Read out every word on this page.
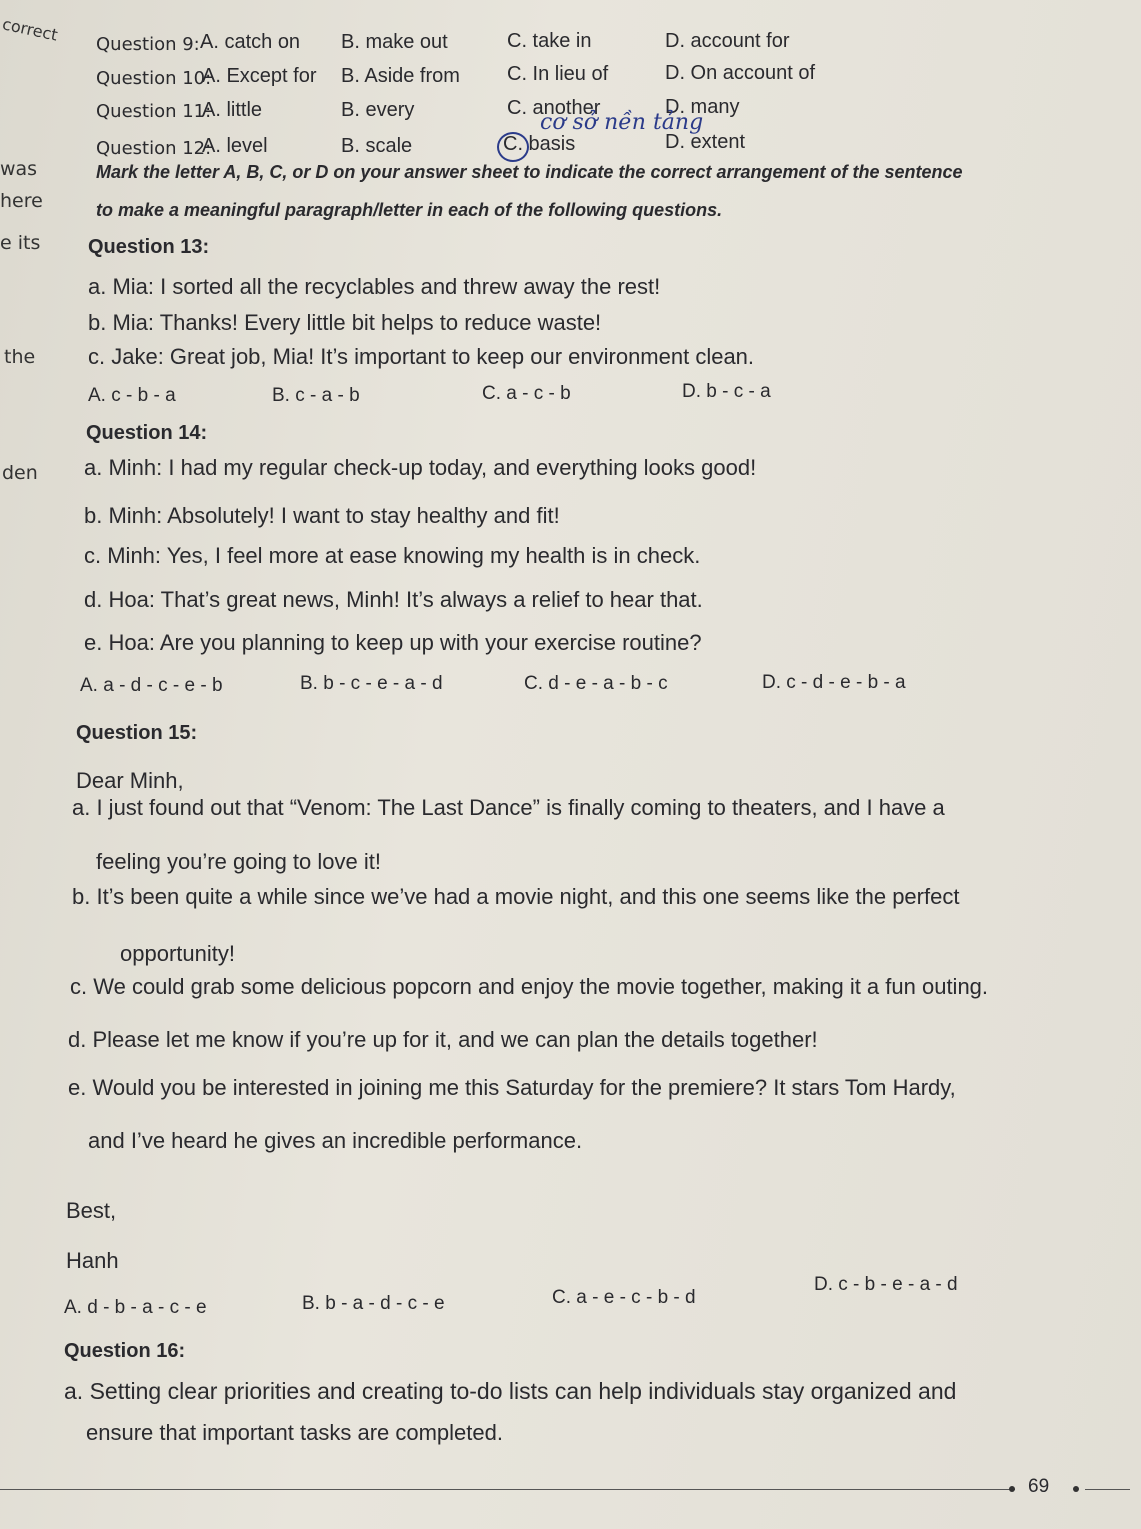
correct
was
here
e its
the
den
Question 9: A. catch on B. make out	C. take in	D. account for
Question 10:
A. Except for B. Aside from C. In lieu of	D. On account of
Question 11:
A. little	B. every	C. another	D. many
Question 12:
A. level	B. scale	C. basis	D. extent
cơ sở nền tảng
Mark the letter A, B, C, or D on your answer sheet to indicate the correct arrangement of the sentence
to make a meaningful paragraph/letter in each of the following questions.
Question 13:
a. Mia: I sorted all the recyclables and threw away the rest!
b. Mia: Thanks! Every little bit helps to reduce waste!
c. Jake: Great job, Mia! It’s important to keep our environment clean.
A. c - b - a	B. c - a - b	C. a - c - b	D. b - c - a
Question 14:
a. Minh: I had my regular check-up today, and everything looks good!
b. Minh: Absolutely! I want to stay healthy and fit!
c. Minh: Yes, I feel more at ease knowing my health is in check.
d. Hoa: That’s great news, Minh! It’s always a relief to hear that.
e. Hoa: Are you planning to keep up with your exercise routine?
A. a - d - c - e - b	B. b - c - e - a - d	C. d - e - a - b - c	D. c - d - e - b - a
Question 15:
Dear Minh,
a. I just found out that “Venom: The Last Dance” is finally coming to theaters, and I have a
feeling you’re going to love it!
b. It’s been quite a while since we’ve had a movie night, and this one seems like the perfect
opportunity!
c. We could grab some delicious popcorn and enjoy the movie together, making it a fun outing.
d. Please let me know if you’re up for it, and we can plan the details together!
e. Would you be interested in joining me this Saturday for the premiere? It stars Tom Hardy,
and I’ve heard he gives an incredible performance.
Best,
Hanh
A. d - b - a - c - e	B. b - a - d - c - e	C. a - e - c - b - d
D. c - b - e - a - d
Question 16:
a. Setting clear priorities and creating to-do lists can help individuals stay organized and
ensure that important tasks are completed.
69
